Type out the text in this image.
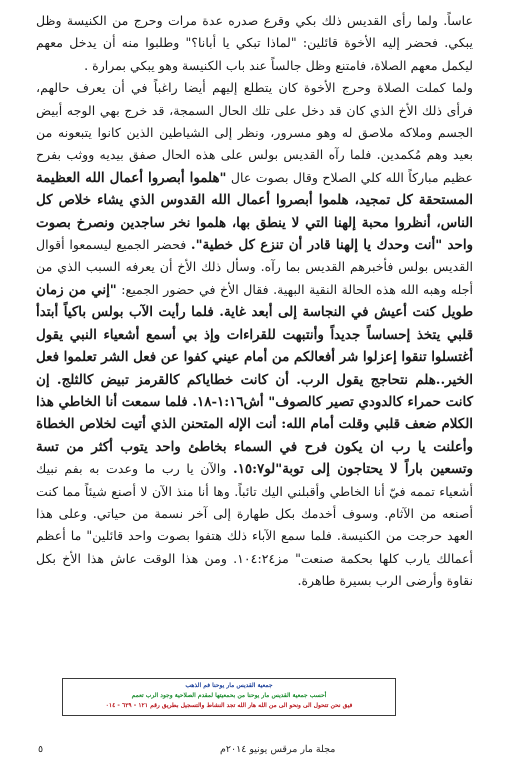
عاساً. ولما رأى القديس ذلك بكي وقرع صدره عدة مرات وحرج من الكنيسة وظل يبكي. فحضر إليه الأخوة قائلين: "لماذا تبكي يا أبانا؟" وطلبوا منه أن يدخل معهم ليكمل معهم الصلاة، فامتنع وظل جالساً عند باب الكنيسة وهو يبكي بمرارة .

ولما كملت الصلاة وحرج الأخوة كان يتطلع إليهم أيضا راغباً في أن يعرف حالهم، فرأى ذلك الأخ الذي كان قد دخل على تلك الحال السمجة، قد خرج بهي الوجه أبيض الجسم وملاكه ملاصق له وهو مسرور، ونظر إلى الشياطين الذين كانوا يتبعونه من بعيد وهم مُكمدين. فلما رآه القديس بولس على هذه الحال صفق بيديه ووثب بفرح عظيم مباركاً الله كلي الصلاح وقال بصوت عال "هلموا أبصروا أعمال الله العظيمة المستحقة كل تمجيد، هلموا أبصروا أعمال الله القدوس الذي يشاء خلاص كل الناس، أنظروا محبة إلهنا التي لا ينطق بها، هلموا نخر ساجدين ونصرخ بصوت واحد "أنت وحدك يا إلهنا قادر أن تنزع كل خطية". فحضر الجميع ليسمعوا أقوال القديس بولس فأخبرهم القديس بما رآه. وسأل ذلك الأخ أن يعرفه السبب الذي من أجله وهبه الله هذه الحالة النقية البهية. فقال الأخ في حضور الجميع: "إني من زمان طويل كنت أعيش في النجاسة إلى أبعد غاية. فلما رأيت الآب بولس باكياً أبتدأ قلبي يتخذ إحساساً جديداً وأنتبهت للقراءات وإذ بي أسمع أشعياء النبي يقول أغتسلوا تنقوا إعزلوا شر أفعالكم من أمام عيني كفوا عن فعل الشر تعلموا فعل الخير..هلم نتحاجج يقول الرب. أن كانت خطاياكم كالقرمز تبيض كالثلج. إن كانت حمراء كالدودي تصير كالصوف" أش١:١٦-١٨. فلما سمعت أنا الخاطي هذا الكلام ضعف قلبي وقلت أمام الله: أنت الإله المتحنن الذي أتيت لخلاص الخطاة وأعلنت يا رب ان يكون فرح في السماء بخاطئ واحد يتوب أكثر من تسة وتسعين باراً لا يحتاجون إلى توبة"لو١٥:٧. والآن يا رب ما وعدت به بفم نبيك أشعياء تممه فيّ أنا الخاطي وأقبلني اليك تائباً. وها أنا منذ الآن لا أصنع شيئاً مما كنت أصنعه من الآثام. وسوف أخدمك بكل طهارة إلى آخر نسمة من حياتي. وعلى هذا العهد حرجت من الكنيسة. فلما سمع الآباء ذلك هتفوا بصوت واحد قائلين" ما أعظم أعمالك يارب كلها بحكمة صنعت" مز١٠٤:٢٤. ومن هذا الوقت عاش هذا الأخ بكل نقاوة وأرضى الرب بسيرة طاهرة.

جمعية القديس مار يوحنا فم الذهب
أحسب جمعية القديس مار يوحنا من بحمعيتها لمقدم الصلاحية وجود الرب تعمم
فيق نحن تتحول الى ونحو الى من الله هار الله تجد النشاط والتسجيل بطريق رقم ١٢١ - ٦٢٩ - ٠١٤
مجلة مار مرقس يونيو ٢٠١٤م
٥
